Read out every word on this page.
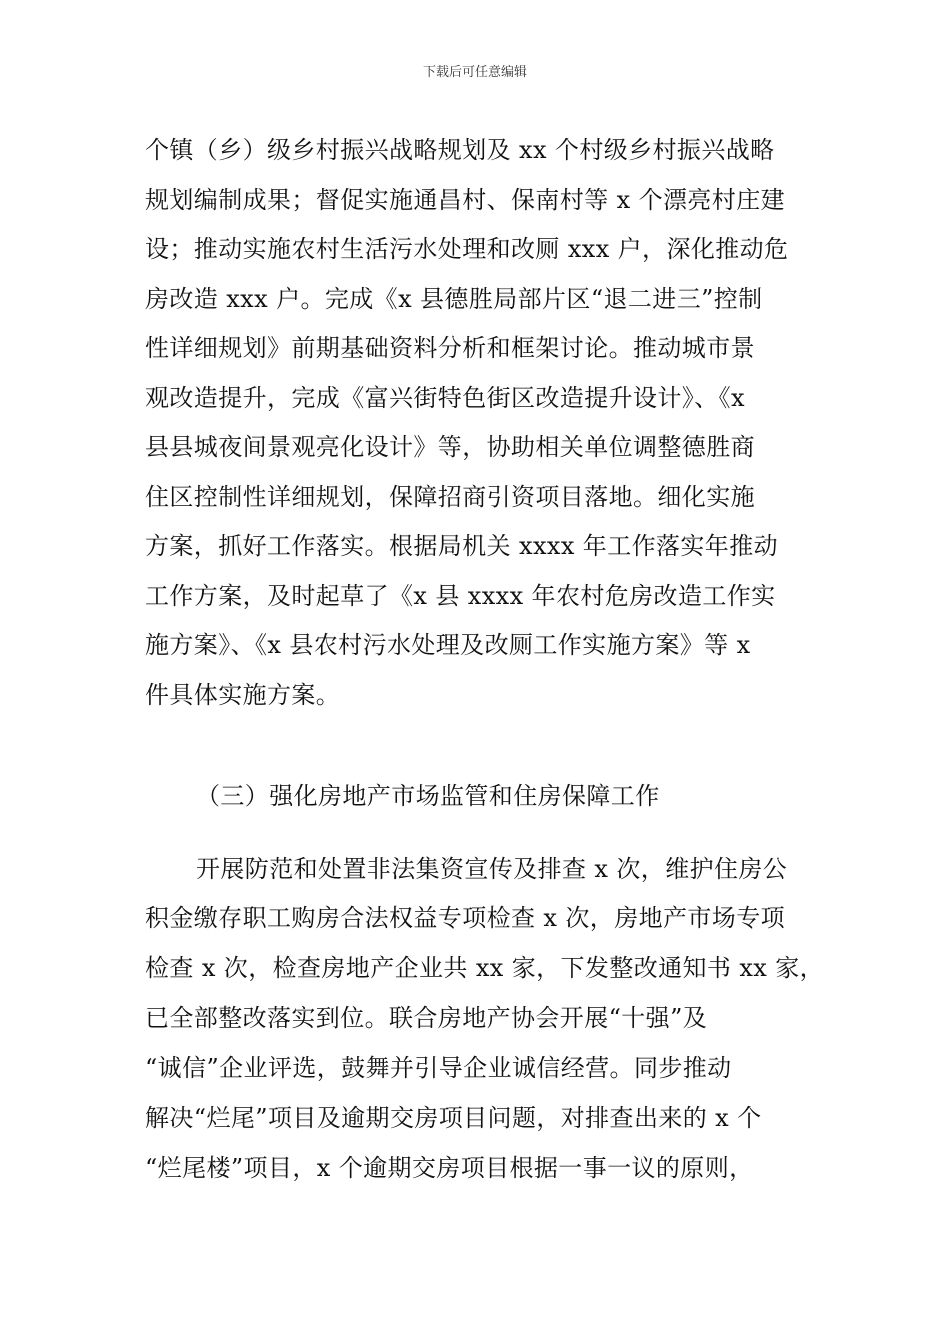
下载后可任意编辑
个镇（乡）级乡村振兴战略规划及 xx 个村级乡村振兴战略
规划编制成果；督促实施通昌村、保南村等 x 个漂亮村庄建
设；推动实施农村生活污水处理和改厕 xxx 户，深化推动危
房改造 xxx 户。完成《x 县德胜局部片区“退二进三”控制
性详细规划》前期基础资料分析和框架讨论。推动城市景
观改造提升，完成《富兴街特色街区改造提升设计》、《x
县县城夜间景观亮化设计》等，协助相关单位调整德胜商
住区控制性详细规划，保障招商引资项目落地。细化实施
方案，抓好工作落实。根据局机关 xxxx 年工作落实年推动
工作方案，及时起草了《x 县 xxxx 年农村危房改造工作实
施方案》、《x 县农村污水处理及改厕工作实施方案》等 x
件具体实施方案。
（三）强化房地产市场监管和住房保障工作
开展防范和处置非法集资宣传及排查 x 次，维护住房公
积金缴存职工购房合法权益专项检查 x 次，房地产市场专项
检查 x 次，检查房地产企业共 xx 家，下发整改通知书 xx 家，
已全部整改落实到位。联合房地产协会开展“十强”及
“诚信”企业评选，鼓舞并引导企业诚信经营。同步推动
解决“烂尾”项目及逾期交房项目问题，对排查出来的 x 个
“烂尾楼”项目，x 个逾期交房项目根据一事一议的原则，
